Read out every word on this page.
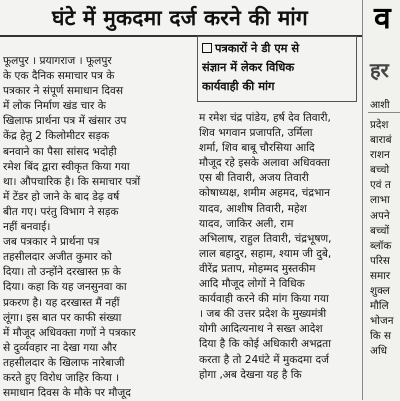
घंटे में मुकदमा दर्ज करने की मांग
फूलपुर । प्रयागराज । फूलपुर
के एक दैनिक समाचार पत्र के
पत्रकार ने संपूर्ण समाधान दिवस
में लोक निर्माण खंड चार के
खिलाफ प्रार्थना पत्र में खंसार उप
केंद्र हेतु 2 किलोमीटर सड़क
बनवाने का पैसा सांसद भदोही
रमेश बिंद द्वारा स्वीकृत किया गया
था। औपचारिक है। कि समाचार पत्रों
में टेंडर हो जाने के बाद डेढ़ वर्ष
बीत गए। परंतु विभाग ने सड़क
नहीं बनवाई।
जब पत्रकार ने प्रार्थना पत्र
तहसीलदार अजीत कुमार को
दिया। तो उन्होंने दरखास्त फ़ के
दिया। कहा कि यह जनसुनवा का
प्रकरण है। यह दरखास्त मैं नहीं
लूंगा। इस बात पर काफी संख्या
में मौजूद अधिवक्ता गणों ने पत्रकार
से दुर्व्यवहार ना देखा गया और
तहसीलदार के खिलाफ नारेबाजी
करते हुए विरोध जाहिर किया ।
समाधान दिवस के मौके पर मौजूद
पत्रकारों ने डी एम से
संज्ञान में लेकर विधिक
कार्यवाही की मांग
म रमेश चंद्र पांडेय, हर्ष देव तिवारी,
शिव भगवान प्रजापति, उर्मिला
शर्मा, शिव बाबू चौरसिया आदि
मौजूद रहे इसके अलावा अधिवक्ता
एस बी तिवारी, अजय तिवारी
कोषाध्यक्ष, शमीम अहमद, चंद्रभान
यादव, आशीष तिवारी, महेश
यादव, जाकिर अली, राम
अभिलाष, राहुल तिवारी, चंद्रभूषण,
लाल बहादुर, सहाम, श्याम जी दुबे,
वीरेंद्र प्रताप, मोहम्मद मुस्तकीम
आदि मौजूद लोगों ने विधिक
कार्यवाही करने की मांग किया गया
। जब की उत्तर प्रदेश के मुख्यमंत्री
योगी आदित्यनाथ ने सख्त आदेश
दिया है कि कोई अधिकारी अभद्रता
करता है तो 24घंटे में मुकदमा दर्ज
होगा ,अब देखना यह है कि
व
हर
आशी
प्रदेश
बाराबं
राशन
बच्चो
एवं त
लाभा
अपने
बच्चों
ब्लॉक
परिस
समार
शुक्ल
मौलि
भोजन
कि स
अधि
